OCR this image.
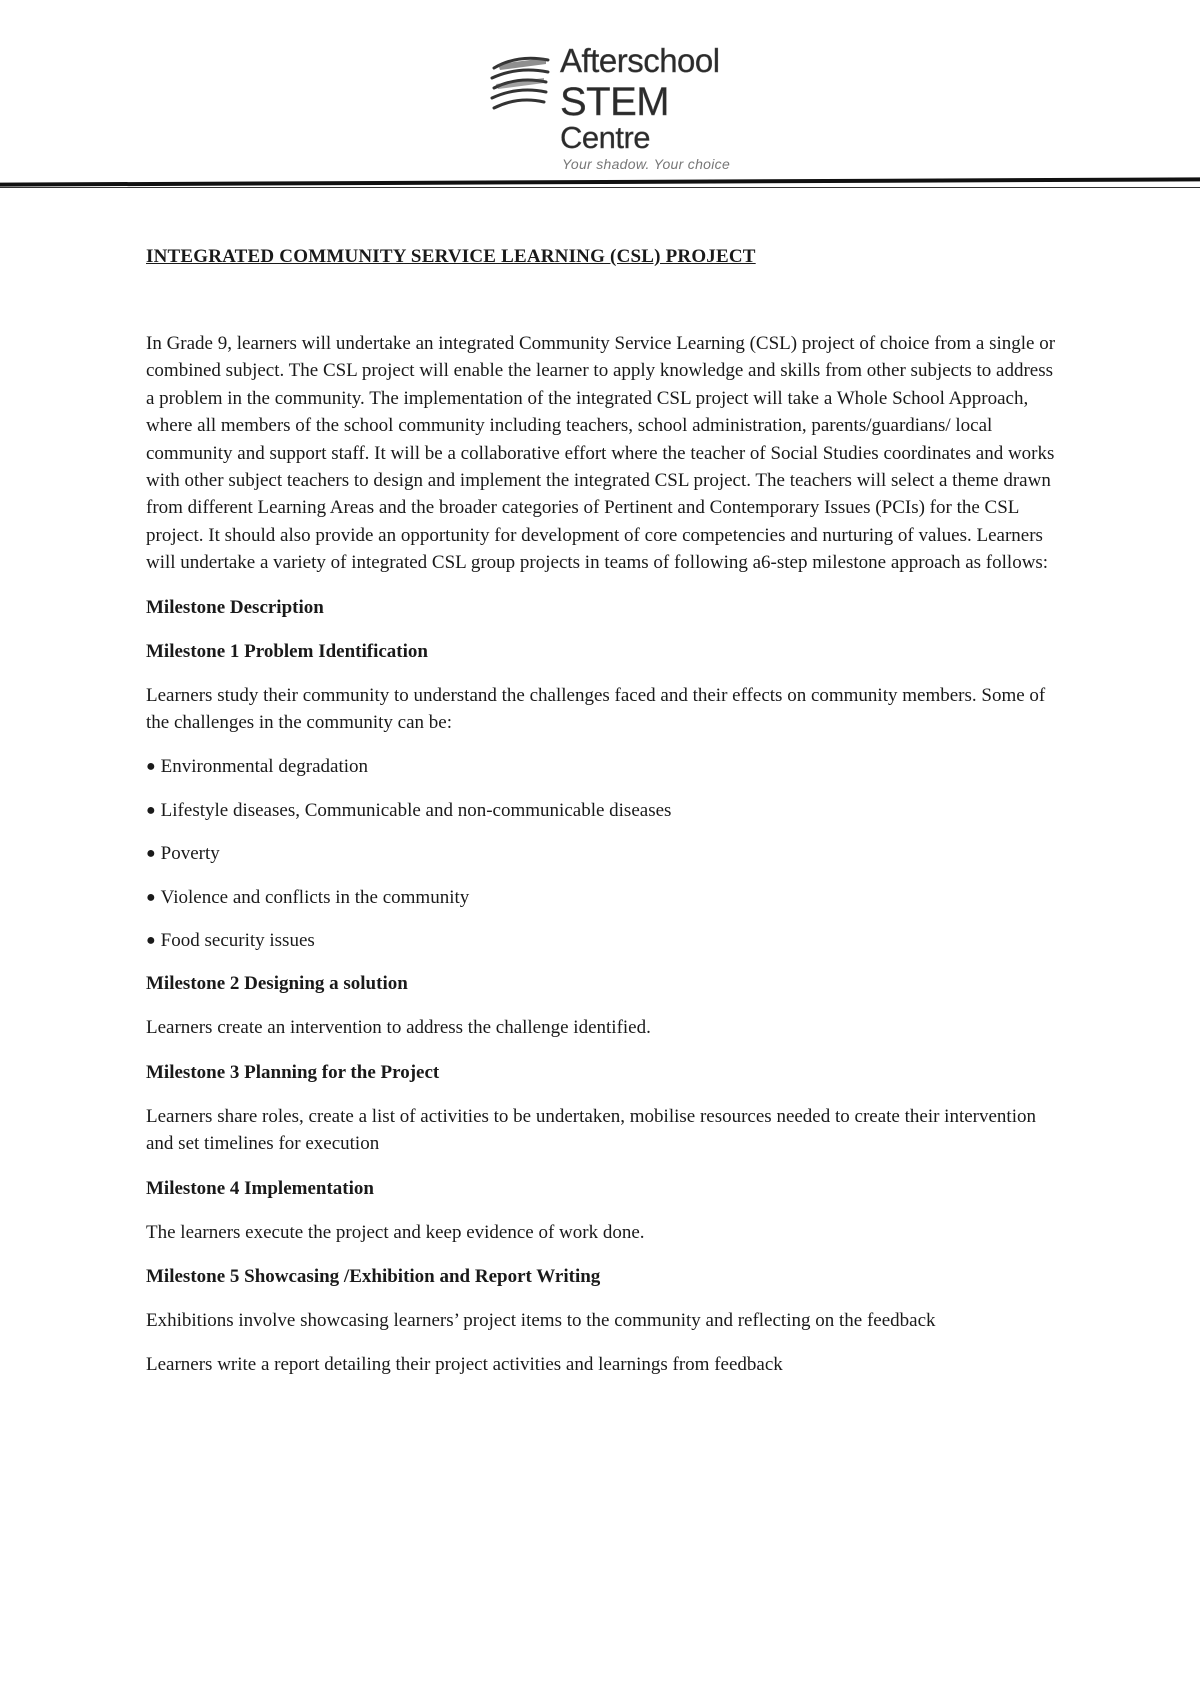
Afterschool
STEM
Centre
Your shadow. Your choice
INTEGRATED COMMUNITY SERVICE LEARNING (CSL) PROJECT

In Grade 9, learners will undertake an integrated Community Service Learning (CSL) project of choice from a single or combined subject. The CSL project will enable the learner to apply knowledge and skills from other subjects to address a problem in the community. The implementation of the integrated CSL project will take a Whole School Approach, where all members of the school community including teachers, school administration, parents/guardians/ local community and support staff. It will be a collaborative effort where the teacher of Social Studies coordinates and works with other subject teachers to design and implement the integrated CSL project. The teachers will select a theme drawn from different Learning Areas and the broader categories of Pertinent and Contemporary Issues (PCIs) for the CSL project. It should also provide an opportunity for development of core competencies and nurturing of values. Learners will undertake a variety of integrated CSL group projects in teams of following a6-step milestone approach as follows:

Milestone Description
Milestone 1 Problem Identification

Learners study their community to understand the challenges faced and their effects on community members. Some of the challenges in the community can be:

● Environmental degradation
● Lifestyle diseases, Communicable and non-communicable diseases
● Poverty
● Violence and conflicts in the community
● Food security issues
Milestone 2 Designing a solution

Learners create an intervention to address the challenge identified.

Milestone 3 Planning for the Project

Learners share roles, create a list of activities to be undertaken, mobilise resources needed to create their intervention and set timelines for execution

Milestone 4 Implementation

The learners execute the project and keep evidence of work done.

Milestone 5 Showcasing /Exhibition and Report Writing

Exhibitions involve showcasing learners’ project items to the community and reflecting on the feedback

Learners write a report detailing their project activities and learnings from feedback
